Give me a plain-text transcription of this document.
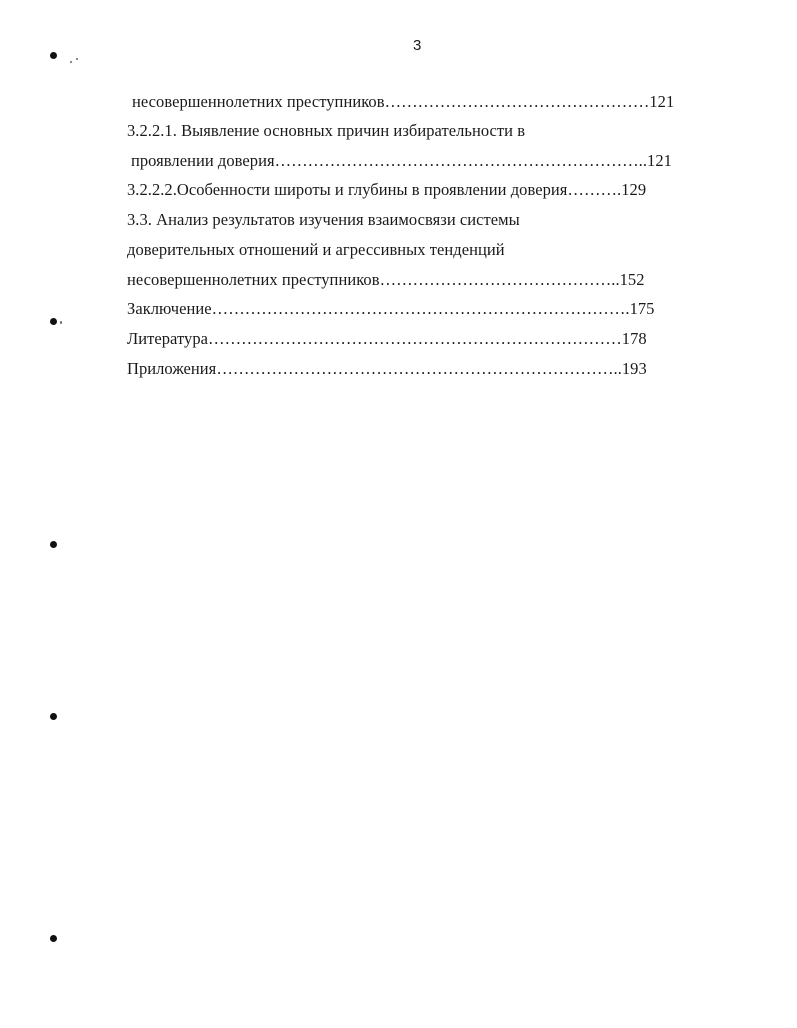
3
несовершеннолетних преступников…………………………………………121
3.2.2.1. Выявление основных причин избирательности в
проявлении доверия…………………………………………………………..121
3.2.2.2.Особенности широты и глубины в проявлении доверия……….129
3.3. Анализ результатов изучения взаимосвязи системы
доверительных отношений и агрессивных тенденций
несовершеннолетних преступников……………………………………..152
Заключение………………………………………………………………….175
Литература…………………………………………………………………178
Приложения………………………………………………………………..193
